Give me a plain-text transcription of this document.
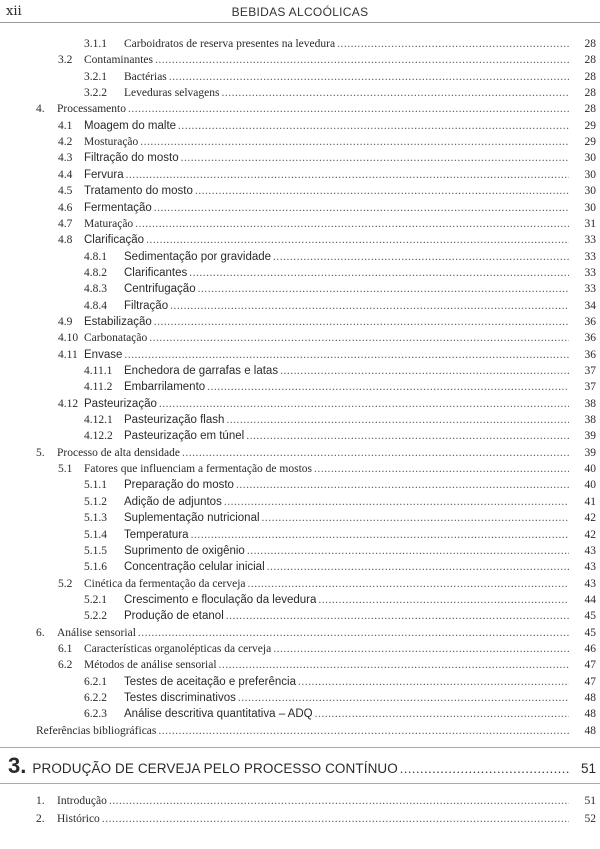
xii	BEBIDAS ALCOÓLICAS
3. PRODUÇÃO DE CERVEJA PELO PROCESSO CONTÍNUO .....	51
3.1.1	Carboidratos de reserva presentes na levedura .....	28
3.2	Contaminantes .....	28
3.2.1	Bactérias .....	28
3.2.2	Leveduras selvagens .....	28
4.	Processamento .....	28
4.1	Moagem do malte .....	29
4.2	Mosturação .....	29
4.3	Filtração do mosto .....	30
4.4	Fervura .....	30
4.5	Tratamento do mosto .....	30
4.6	Fermentação .....	30
4.7	Maturação .....	31
4.8	Clarificação .....	33
4.8.1	Sedimentação por gravidade .....	33
4.8.2	Clarificantes .....	33
4.8.3	Centrifugação .....	33
4.8.4	Filtração .....	34
4.9	Estabilização .....	36
4.10 Carbonatação .....	36
4.11 Envase .....	36
4.11.1	Enchedora de garrafas e latas .....	37
4.11.2	Embarrilamento .....	37
4.12 Pasteurização .....	38
4.12.1 Pasteurização flash .....	38
4.12.2 Pasteurização em túnel .....	39
5.	Processo de alta densidade .....	39
5.1	Fatores que influenciam a fermentação de mostos .....	40
5.1.1	Preparação do mosto .....	40
5.1.2	Adição de adjuntos .....	41
5.1.3	Suplementação nutricional .....	42
5.1.4	Temperatura .....	42
5.1.5	Suprimento de oxigênio .....	43
5.1.6	Concentração celular inicial .....	43
5.2	Cinética da fermentação da cerveja .....	43
5.2.1	Crescimento e floculação da levedura .....	44
5.2.2	Produção de etanol .....	45
6.	Análise sensorial .....	45
6.1	Características organolépticas da cerveja .....	46
6.2	Métodos de análise sensorial .....	47
6.2.1	Testes de aceitação e preferência .....	47
6.2.2	Testes discriminativos .....	48
6.2.3	Análise descritiva quantitativa – ADQ .....	48
Referências bibliográficas .....	48
1.	Introdução .....	51
2.	Histórico .....	52
